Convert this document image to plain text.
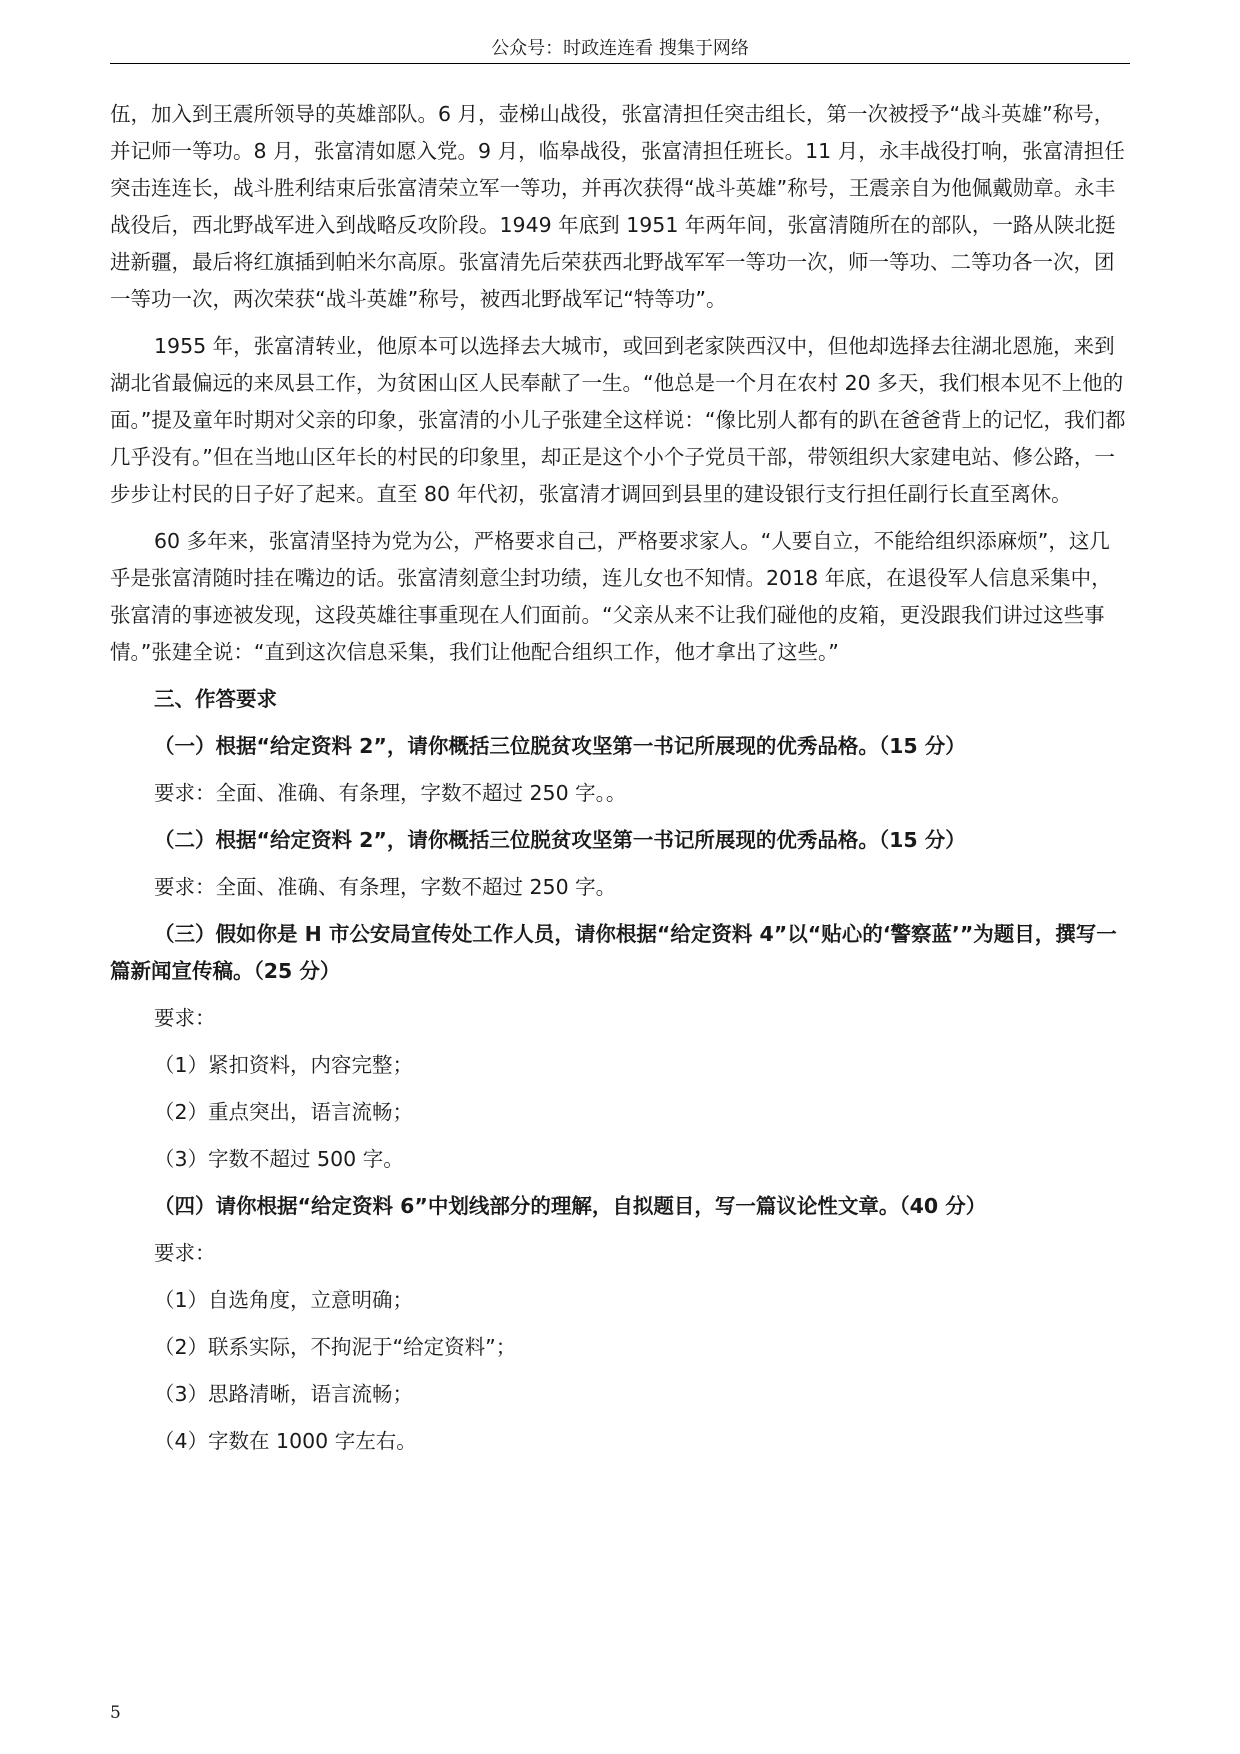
公众号：时政连连看 搜集于网络

伍，加入到王震所领导的英雄部队。6 月，壶梯山战役，张富清担任突击组长，第一次被授予“战斗英雄”称号，并记师一等功。8 月，张富清如愿入党。9 月，临皋战役，张富清担任班长。11 月，永丰战役打响，张富清担任突击连连长，战斗胜利结束后张富清荣立军一等功，并再次获得“战斗英雄”称号，王震亲自为他佩戴勋章。永丰战役后，西北野战军进入到战略反攻阶段。1949 年底到 1951 年两年间，张富清随所在的部队，一路从陕北挺进新疆，最后将红旗插到帕米尔高原。张富清先后荣获西北野战军军一等功一次，师一等功、二等功各一次，团一等功一次，两次荣获“战斗英雄”称号，被西北野战军记“特等功”。

1955 年，张富清转业，他原本可以选择去大城市，或回到老家陕西汉中，但他却选择去往湖北恩施，来到湖北省最偏远的来凤县工作，为贫困山区人民奉献了一生。“他总是一个月在农村 20 多天，我们根本见不上他的面。”提及童年时期对父亲的印象，张富清的小儿子张建全这样说：“像比别人都有的趴在爸爸背上的记忆，我们都几乎没有。”但在当地山区年长的村民的印象里，却正是这个小个子党员干部，带领组织大家建电站、修公路，一步步让村民的日子好了起来。直至 80 年代初，张富清才调回到县里的建设银行支行担任副行长直至离休。

60 多年来，张富清坚持为党为公，严格要求自己，严格要求家人。“人要自立，不能给组织添麻烦”，这几乎是张富清随时挂在嘴边的话。张富清刻意尘封功绩，连儿女也不知情。2018 年底，在退役军人信息采集中，张富清的事迹被发现，这段英雄往事重现在人们面前。“父亲从来不让我们碰他的皮箱，更没跟我们讲过这些事情。”张建全说：“直到这次信息采集，我们让他配合组织工作，他才拿出了这些。”

三、作答要求

（一）根据“给定资料 2”，请你概括三位脱贫攻坚第一书记所展现的优秀品格。（15 分）

要求：全面、准确、有条理，字数不超过 250 字。。

（二）根据“给定资料 2”，请你概括三位脱贫攻坚第一书记所展现的优秀品格。（15 分）

要求：全面、准确、有条理，字数不超过 250 字。

（三）假如你是 H 市公安局宣传处工作人员，请你根据“给定资料 4”以“贴心的‘警察蓝’”为题目，撰写一篇新闻宣传稿。（25 分）

要求：

（1）紧扣资料，内容完整；

（2）重点突出，语言流畅；

（3）字数不超过 500 字。

（四）请你根据“给定资料 6”中划线部分的理解，自拟题目，写一篇议论性文章。（40 分）

要求：

（1）自选角度，立意明确；

（2）联系实际，不拘泥于“给定资料”；

（3）思路清晰，语言流畅；

（4）字数在 1000 字左右。

5
